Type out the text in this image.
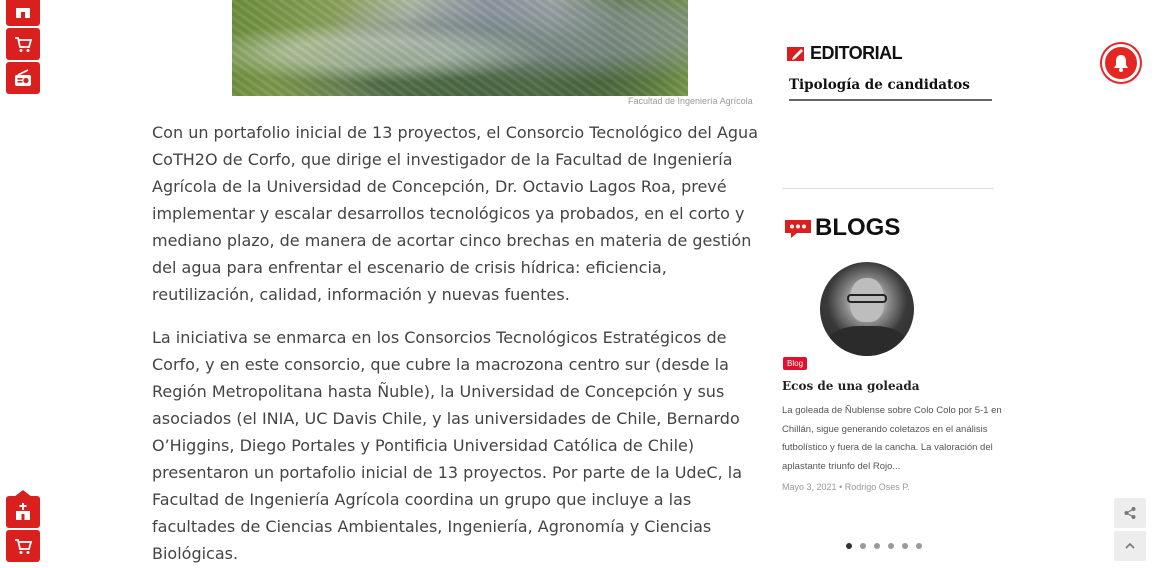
Facultad de Ingeniería Agrícola

Con un portafolio inicial de 13 proyectos, el Consorcio Tecnológico del Agua CoTH2O de Corfo, que dirige el investigador de la Facultad de Ingeniería Agrícola de la Universidad de Concepción, Dr. Octavio Lagos Roa, prevé implementar y escalar desarrollos tecnológicos ya probados, en el corto y mediano plazo, de manera de acortar cinco brechas en materia de gestión del agua para enfrentar el escenario de crisis hídrica: eficiencia, reutilización, calidad, información y nuevas fuentes.

La iniciativa se enmarca en los Consorcios Tecnológicos Estratégicos de Corfo, y en este consorcio, que cubre la macrozona centro sur (desde la Región Metropolitana hasta Ñuble), la Universidad de Concepción y sus asociados (el INIA, UC Davis Chile, y las universidades de Chile, Bernardo O’Higgins, Diego Portales y Pontificia Universidad Católica de Chile) presentaron un portafolio inicial de 13 proyectos. Por parte de la UdeC, la Facultad de Ingeniería Agrícola coordina un grupo que incluye a las facultades de Ciencias Ambientales, Ingeniería, Agronomía y Ciencias Biológicas.

EDITORIAL
Tipología de candidatos
BLOGS
Blog
Ecos de una goleada
La goleada de Ñublense sobre Colo Colo por 5-1 en Chillán, sigue generando coletazos en el análisis futbolístico y fuera de la cancha. La valoración del aplastante triunfo del Rojo...
Mayo 3, 2021 • Rodrigo Oses P.
